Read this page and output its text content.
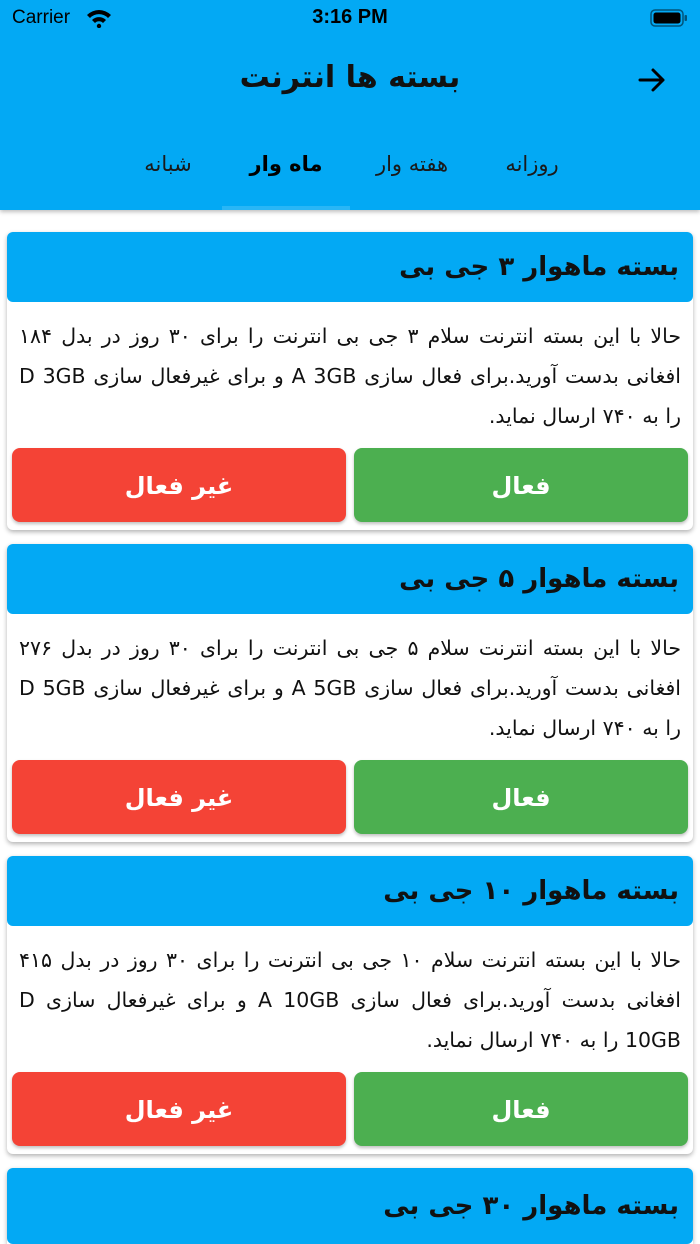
Carrier	3:16 PM
بسته ها انترنت
روزانه
هفته وار
ماه وار
شبانه
بسته ماهوار ۳ جی بی
حالا با این بسته انترنت سلام ۳ جی بی انترنت را برای ۳۰ روز در بدل ۱۸۴ افغانی بدست آورید.برای فعال سازی A 3GB و برای غیرفعال سازی D 3GB را به ۷۴۰ ارسال نماید.
فعال
غیر فعال
بسته ماهوار ۵ جی بی
حالا با این بسته انترنت سلام ۵ جی بی انترنت را برای ۳۰ روز در بدل ۲۷۶ افغانی بدست آورید.برای فعال سازی A 5GB و برای غیرفعال سازی D 5GB را به ۷۴۰ ارسال نماید.
فعال
غیر فعال
بسته ماهوار ۱۰ جی بی
حالا با این بسته انترنت سلام ۱۰ جی بی انترنت را برای ۳۰ روز در بدل ۴۱۵ افغانی بدست آورید.برای فعال سازی A 10GB و برای غیرفعال سازی D 10GB را به ۷۴۰ ارسال نماید.
فعال
غیر فعال
بسته ماهوار ۳۰ جی بی
